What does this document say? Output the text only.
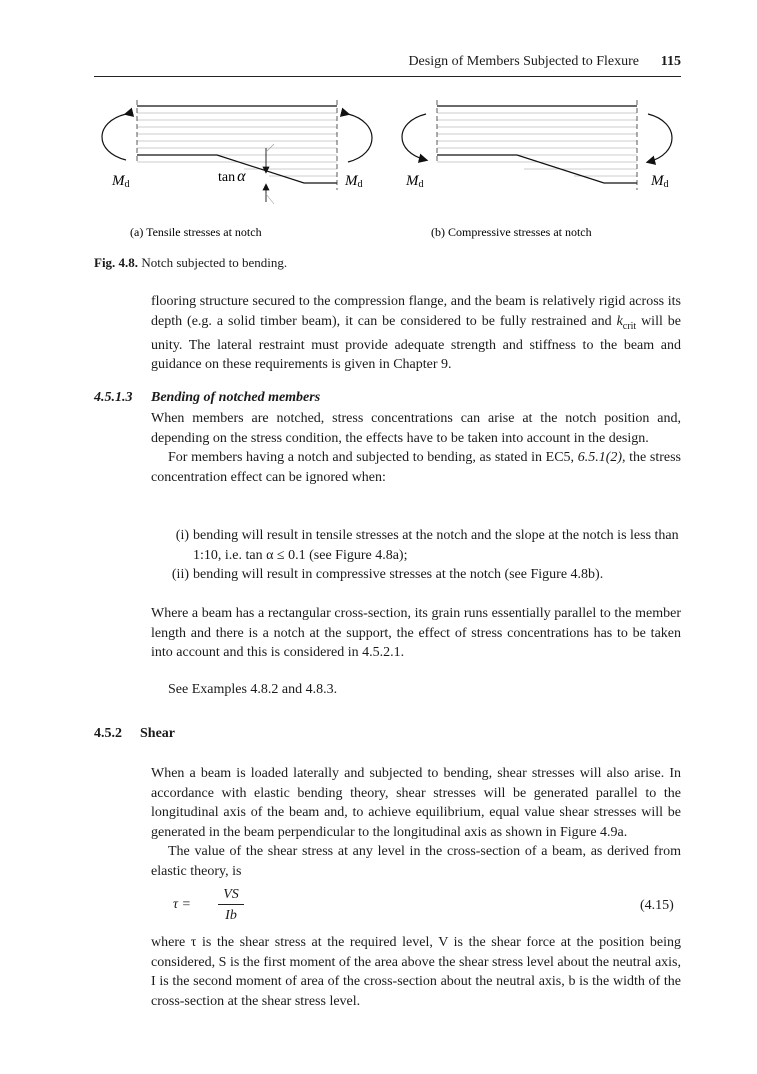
Design of Members Subjected to Flexure 115
Md	Md	Md	Md
tan α
(a) Tensile stresses at notch	(b) Compressive stresses at notch
Fig. 4.8. Notch subjected to bending.

flooring structure secured to the compression flange, and the beam is relatively rigid across its depth (e.g. a solid timber beam), it can be considered to be fully restrained and $k_{crit}$ will be unity. The lateral restraint must provide adequate strength and stiffness to the beam and guidance on these requirements is given in Chapter 9.

4.5.1.3 Bending of notched members

When members are notched, stress concentrations can arise at the notch position and, depending on the stress condition, the effects have to be taken into account in the design.

For members having a notch and subjected to bending, as stated in EC5, 6.5.1(2), the stress concentration effect can be ignored when:

(i) bending will result in tensile stresses at the notch and the slope at the notch is less than 1:10, i.e. tan α ≤ 0.1 (see Figure 4.8a);
(ii) bending will result in compressive stresses at the notch (see Figure 4.8b).

Where a beam has a rectangular cross-section, its grain runs essentially parallel to the member length and there is a notch at the support, the effect of stress concentrations has to be taken into account and this is considered in 4.5.2.1.

See Examples 4.8.2 and 4.8.3.

4.5.2 Shear

When a beam is loaded laterally and subjected to bending, shear stresses will also arise. In accordance with elastic bending theory, shear stresses will be generated parallel to the longitudinal axis of the beam and, to achieve equilibrium, equal value shear stresses will be generated in the beam perpendicular to the longitudinal axis as shown in Figure 4.9a.

The value of the shear stress at any level in the cross-section of a beam, as derived from elastic theory, is

τ =
VS
Ib
(4.15)

where τ is the shear stress at the required level, V is the shear force at the position being considered, S is the first moment of the area above the shear stress level about the neutral axis, I is the second moment of area of the cross-section about the neutral axis, b is the width of the cross-section at the shear stress level.
